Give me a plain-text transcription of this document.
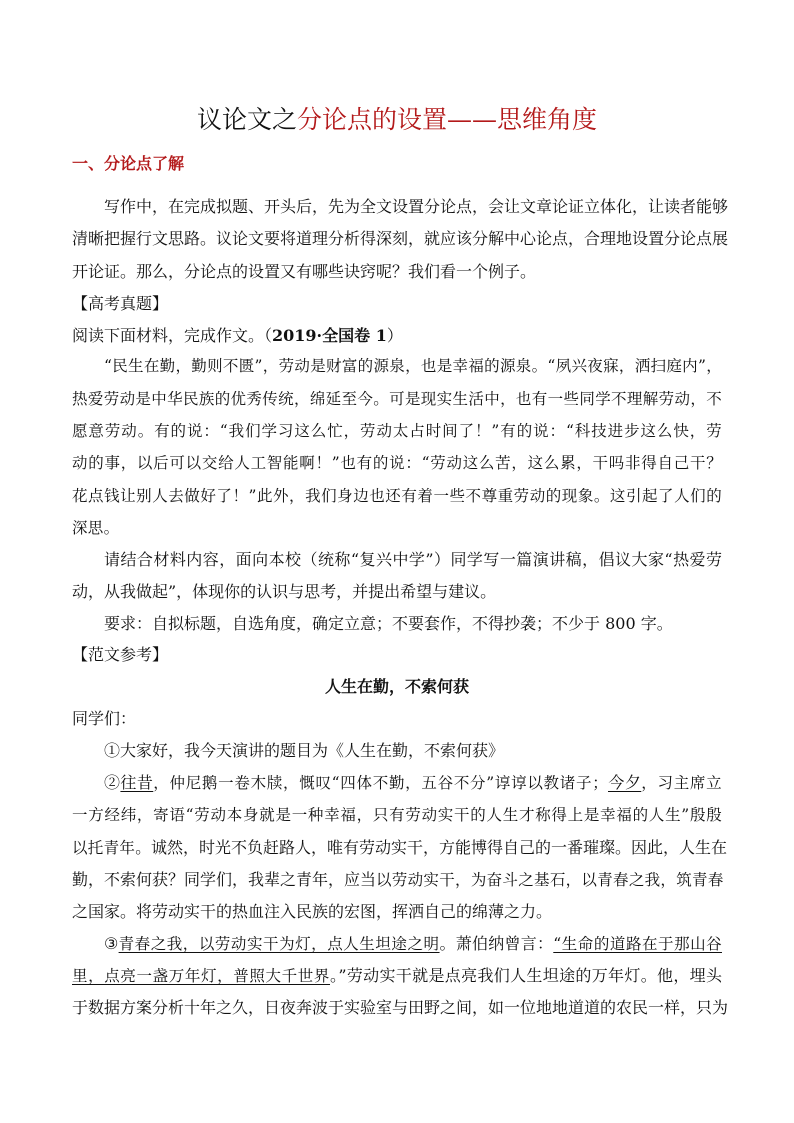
议论文之分论点的设置——思维角度
一、分论点了解
写作中，在完成拟题、开头后，先为全文设置分论点，会让文章论证立体化，让读者能够
清晰把握行文思路。议论文要将道理分析得深刻，就应该分解中心论点，合理地设置分论点展
开论证。那么，分论点的设置又有哪些诀窍呢？我们看一个例子。
【高考真题】
阅读下面材料，完成作文。（2019·全国卷 1）
“民生在勤，勤则不匮”，劳动是财富的源泉，也是幸福的源泉。“夙兴夜寐，洒扫庭内”，
热爱劳动是中华民族的优秀传统，绵延至今。可是现实生活中，也有一些同学不理解劳动，不
愿意劳动。有的说：“我们学习这么忙，劳动太占时间了！”有的说：“科技进步这么快，劳
动的事，以后可以交给人工智能啊！”也有的说：“劳动这么苦，这么累，干吗非得自己干？
花点钱让别人去做好了！”此外，我们身边也还有着一些不尊重劳动的现象。这引起了人们的
深思。
请结合材料内容，面向本校（统称“复兴中学”）同学写一篇演讲稿，倡议大家“热爱劳
动，从我做起”，体现你的认识与思考，并提出希望与建议。
要求：自拟标题，自选角度，确定立意；不要套作，不得抄袭；不少于 800 字。
【范文参考】
人生在勤，不索何获
同学们：
①大家好，我今天演讲的题目为《人生在勤，不索何获》
②往昔，仲尼鹅一卷木牍，慨叹“四体不勤，五谷不分”谆谆以教诸子；今夕，习主席立
一方经纬，寄语“劳动本身就是一种幸福，只有劳动实干的人生才称得上是幸福的人生”殷殷
以托青年。诚然，时光不负赶路人，唯有劳动实干，方能博得自己的一番璀璨。因此，人生在
勤，不索何获？同学们，我辈之青年，应当以劳动实干，为奋斗之基石，以青春之我，筑青春
之国家。将劳动实干的热血注入民族的宏图，挥洒自己的绵薄之力。
③青春之我，以劳动实干为灯，点人生坦途之明。萧伯纳曾言：“生命的道路在于那山谷
里，点亮一盏万年灯，普照大千世界。”劳动实干就是点亮我们人生坦途的万年灯。他，埋头
于数据方案分析十年之久，日夜奔波于实验室与田野之间，如一位地地道道的农民一样，只为
